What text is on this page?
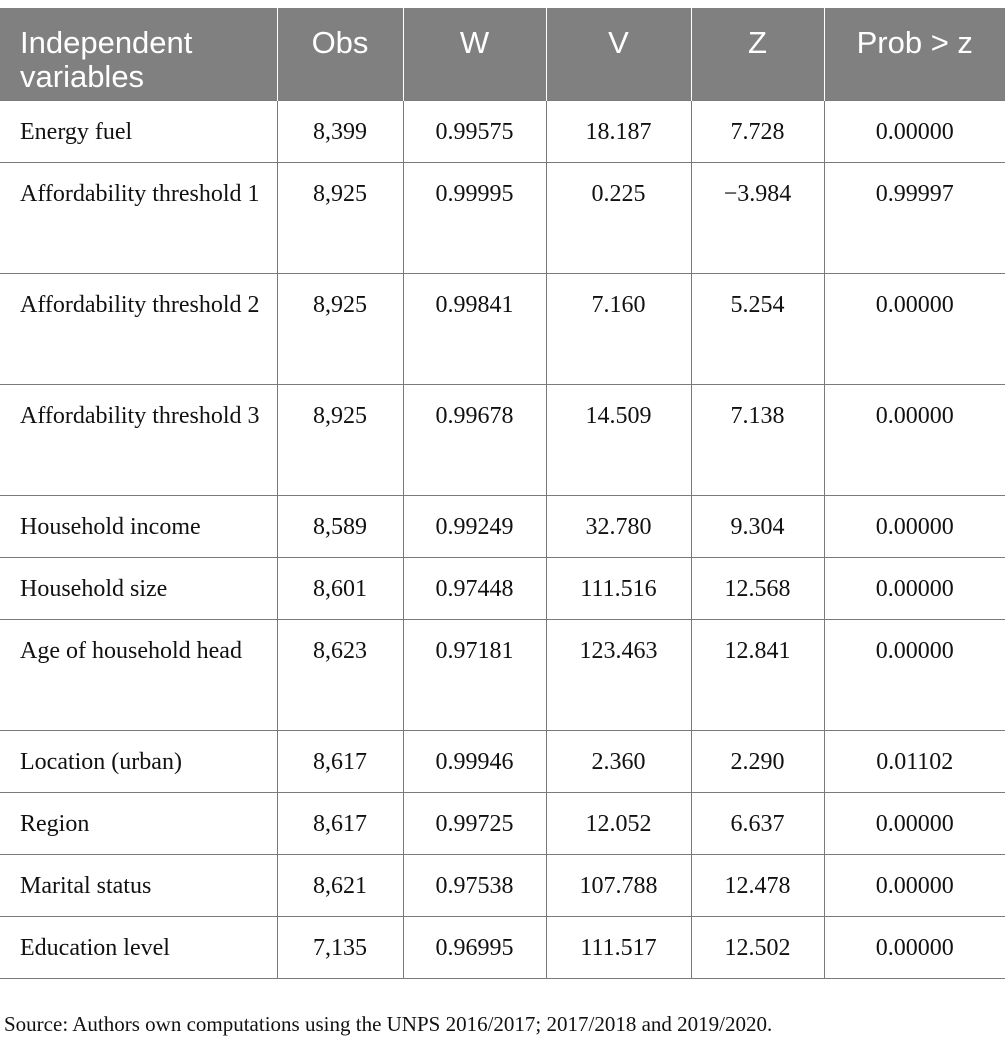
Independent variables	Obs	W	V	Z	Prob > z
Energy fuel	8,399	0.99575	18.187	7.728	0.00000
Affordability threshold 1	8,925	0.99995	0.225	−3.984	0.99997
Affordability threshold 2	8,925	0.99841	7.160	5.254	0.00000
Affordability threshold 3	8,925	0.99678	14.509	7.138	0.00000
Household income	8,589	0.99249	32.780	9.304	0.00000
Household size	8,601	0.97448	111.516	12.568	0.00000
Age of household head	8,623	0.97181	123.463	12.841	0.00000
Location (urban)	8,617	0.99946	2.360	2.290	0.01102
Region	8,617	0.99725	12.052	6.637	0.00000
Marital status	8,621	0.97538	107.788	12.478	0.00000
Education level	7,135	0.96995	111.517	12.502	0.00000
Source: Authors own computations using the UNPS 2016/2017; 2017/2018 and 2019/2020.
